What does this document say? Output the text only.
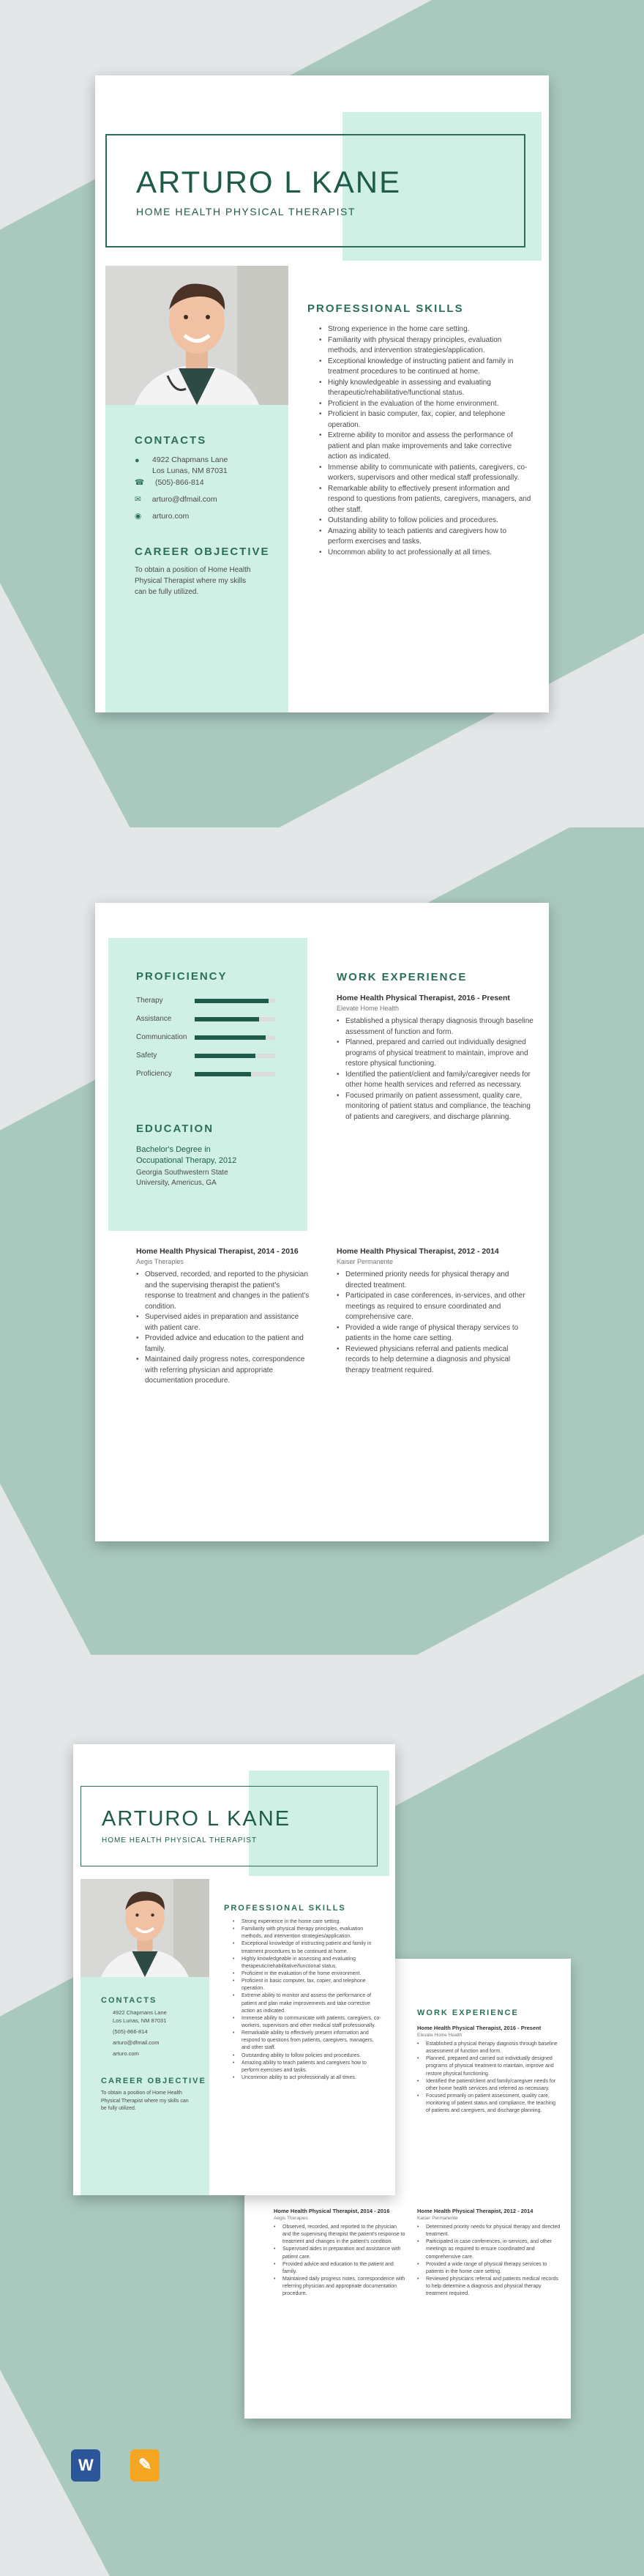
ARTURO L KANE
HOME HEALTH PHYSICAL THERAPIST
CONTACTS
● 4922 Chapmans Lane
Los Lunas, NM 87031
☎ (505)-866-814
✉ arturo@dfmail.com
◉ arturo.com
CAREER OBJECTIVE
To obtain a position of Home Health Physical Therapist where my skills can be fully utilized.
PROFESSIONAL SKILLS
• Strong experience in the home care setting.
• Familiarity with physical therapy principles, evaluation methods, and intervention strategies/application.
• Exceptional knowledge of instructing patient and family in treatment procedures to be continued at home.
• Highly knowledgeable in assessing and evaluating therapeutic/rehabilitative/functional status.
• Proficient in the evaluation of the home environment.
• Proficient in basic computer, fax, copier, and telephone operation.
• Extreme ability to monitor and assess the performance of patient and plan make improvements and take corrective action as indicated.
• Immense ability to communicate with patients, caregivers, co-workers, supervisors and other medical staff professionally.
• Remarkable ability to effectively present information and respond to questions from patients, caregivers, managers, and other staff.
• Outstanding ability to follow policies and procedures.
• Amazing ability to teach patients and caregivers how to perform exercises and tasks.
• Uncommon ability to act professionally at all times.
PROFICIENCY
Therapy
Assistance
Communication
Safety
Proficiency
EDUCATION
Bachelor's Degree in
Occupational Therapy, 2012
Georgia Southwestern State
University, Americus, GA
WORK EXPERIENCE
Home Health Physical Therapist, 2016 - Present
Elevate Home Health
• Established a physical therapy diagnosis through baseline assessment of function and form.
• Planned, prepared and carried out individually designed programs of physical treatment to maintain, improve and restore physical functioning.
• Identified the patient/client and family/caregiver needs for other home health services and referred as necessary.
• Focused primarily on patient assessment, quality care, monitoring of patient status and compliance, the teaching of patients and caregivers, and discharge planning.
Home Health Physical Therapist, 2014 - 2016
Aegis Therapies
• Observed, recorded, and reported to the physician and the supervising therapist the patient's response to treatment and changes in the patient's condition.
• Supervised aides in preparation and assistance with patient care.
• Provided advice and education to the patient and family.
• Maintained daily progress notes, correspondence with referring physician and appropriate documentation procedure.
Home Health Physical Therapist, 2012 - 2014
Kaiser Permanente
• Determined priority needs for physical therapy and directed treatment.
• Participated in case conferences, in-services, and other meetings as required to ensure coordinated and comprehensive care.
• Provided a wide range of physical therapy services to patients in the home care setting.
• Reviewed physicians referral and patients medical records to help determine a diagnosis and physical therapy treatment required.
WORK EXPERIENCE
Home Health Physical Therapist, 2016 - Present
Elevate Home Health
• Established a physical therapy diagnosis through baseline assessment of function and form.
• Planned, prepared and carried out individually designed programs of physical treatment to maintain, improve and restore physical functioning.
• Identified the patient/client and family/caregiver needs for other home health services and referred as necessary.
• Focused primarily on patient assessment, quality care, monitoring of patient status and compliance, the teaching of patients and caregivers, and discharge planning.
Home Health Physical Therapist, 2014 - 2016
Aegis Therapies
• Observed, recorded, and reported to the physician and the supervising therapist the patient's response to treatment and changes in the patient's condition.
• Supervised aides in preparation and assistance with patient care.
• Provided advice and education to the patient and family.
• Maintained daily progress notes, correspondence with referring physician and appropriate documentation procedure.
Home Health Physical Therapist, 2012 - 2014
Kaiser Permanente
• Determined priority needs for physical therapy and directed treatment.
• Participated in case conferences, in-services, and other meetings as required to ensure coordinated and comprehensive care.
• Provided a wide range of physical therapy services to patients in the home care setting.
• Reviewed physicians referral and patients medical records to help determine a diagnosis and physical therapy treatment required.
ARTURO L KANE
HOME HEALTH PHYSICAL THERAPIST
CONTACTS
4922 Chapmans Lane
Los Lunas, NM 87031
(505)-866-814
arturo@dfmail.com
arturo.com
CAREER OBJECTIVE
To obtain a position of Home Health Physical Therapist where my skills can be fully utilized.
PROFESSIONAL SKILLS
• Strong experience in the home care setting.
• Familiarity with physical therapy principles, evaluation methods, and intervention strategies/application.
• Exceptional knowledge of instructing patient and family in treatment procedures to be continued at home.
• Highly knowledgeable in assessing and evaluating therapeutic/rehabilitative/functional status.
• Proficient in the evaluation of the home environment.
• Proficient in basic computer, fax, copier, and telephone operation.
• Extreme ability to monitor and assess the performance of patient and plan make improvements and take corrective action as indicated.
• Immense ability to communicate with patients, caregivers, co-workers, supervisors and other medical staff professionally.
• Remarkable ability to effectively present information and respond to questions from patients, caregivers, managers, and other staff.
• Outstanding ability to follow policies and procedures.
• Amazing ability to teach patients and caregivers how to perform exercises and tasks.
• Uncommon ability to act professionally at all times.
W	✎
